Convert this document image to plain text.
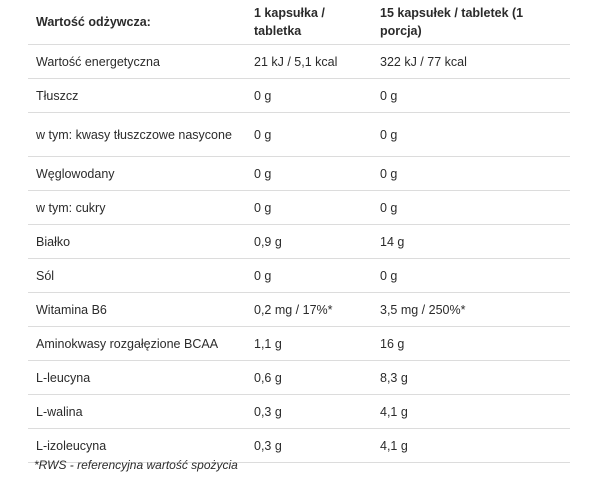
Wartość odżywcza:	1 kapsułka / tabletka	15 kapsułek / tabletek (1 porcja)
Wartość energetyczna	21 kJ / 5,1 kcal	322 kJ / 77 kcal
Tłuszcz	0 g	0 g
w tym: kwasy tłuszczowe nasycone	0 g	0 g
Węglowodany	0 g	0 g
w tym: cukry	0 g	0 g
Białko	0,9 g	14 g
Sól	0 g	0 g
Witamina B6	0,2 mg / 17%*	3,5 mg / 250%*
Aminokwasy rozgałęzione BCAA	1,1 g	16 g
L-leucyna	0,6 g	8,3 g
L-walina	0,3 g	4,1 g
L-izoleucyna	0,3 g	4,1 g
*RWS - referencyjna wartość spożycia
